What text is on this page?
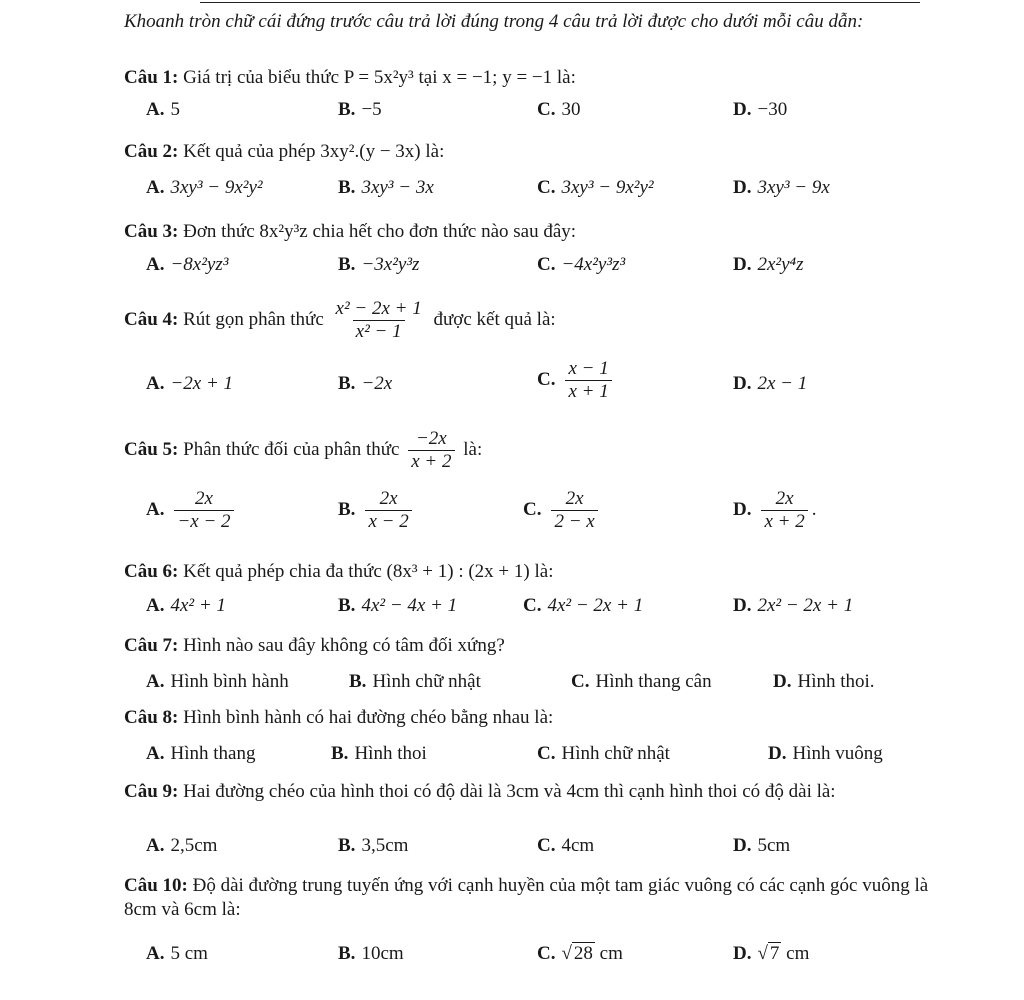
Khoanh tròn chữ cái đứng trước câu trả lời đúng trong 4 câu trả lời được cho dưới mỗi câu dẫn:
Câu 1: Giá trị của biểu thức P = 5x²y³ tại x = −1; y = −1 là:
A. 5	B. −5	C. 30	D. −30
Câu 2: Kết quả của phép 3xy².(y − 3x) là:
A. 3xy³ − 9x²y²	B. 3xy³ − 3x	C. 3xy³ − 9x²y²	D. 3xy³ − 9x
Câu 3: Đơn thức 8x²y³z chia hết cho đơn thức nào sau đây:
A. −8x²yz³	B. −3x²y³z	C. −4x²y³z³	D. 2x²y⁴z
Câu 4: Rút gọn phân thức $\frac{\text{x² − 2x + 1}}{\text{x² − 1}}$ được kết quả là:
A. −2x + 1	B. −2x	C. $\frac{x - 1}{x + 1}$	D. 2x − 1
Câu 5: Phân thức đối của phân thức $\frac{-2x}{x + 2}$ là:
A. $\frac{2x}{-x - 2}$	B. $\frac{2x}{x - 2}$	C. $\frac{2x}{2 - x}$	D. $\frac{2x}{x + 2}$ .
Câu 6: Kết quả phép chia đa thức (8x³ + 1) : (2x + 1) là:
A. 4x² + 1	B. 4x² − 4x + 1	C. 4x² − 2x + 1	D. 2x² − 2x + 1
Câu 7: Hình nào sau đây không có tâm đối xứng?
A. Hình bình hành	B. Hình chữ nhật	C. Hình thang cân	D. Hình thoi.
Câu 8: Hình bình hành có hai đường chéo bằng nhau là:
A. Hình thang	B. Hình thoi	C. Hình chữ nhật	D. Hình vuông
Câu 9: Hai đường chéo của hình thoi có độ dài là 3cm và 4cm thì cạnh hình thoi có độ dài là:
A. 2,5cm	B. 3,5cm	C. 4cm	D. 5cm
Câu 10: Độ dài đường trung tuyến ứng với cạnh huyền của một tam giác vuông có các cạnh góc vuông là 8cm và 6cm là:
A. 5 cm	B. 10cm	C. √ 28 cm	D. √ 7 cm
